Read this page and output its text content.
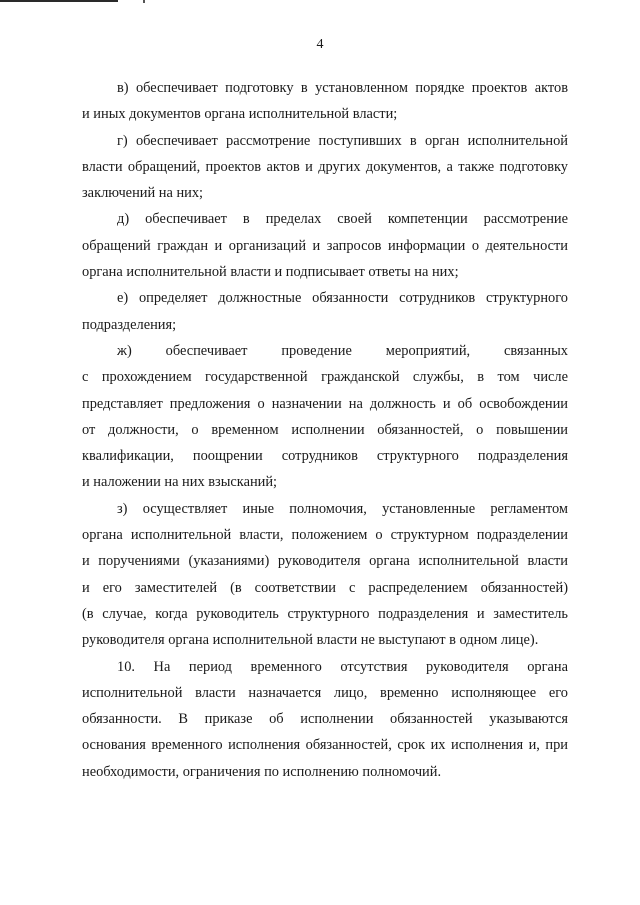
4

в) обеспечивает подготовку в установленном порядке проектов актов
и иных документов органа исполнительной власти;

г) обеспечивает рассмотрение поступивших в орган исполнительной
власти обращений, проектов актов и других документов, а также подготовку
заключений на них;

д) обеспечивает в пределах своей компетенции рассмотрение
обращений граждан и организаций и запросов информации о деятельности
органа исполнительной власти и подписывает ответы на них;

е) определяет должностные обязанности сотрудников структурного
подразделения;

ж) обеспечивает проведение мероприятий, связанных
с прохождением государственной гражданской службы, в том числе
представляет предложения о назначении на должность и об освобождении
от должности, о временном исполнении обязанностей, о повышении
квалификации, поощрении сотрудников структурного подразделения
и наложении на них взысканий;

з) осуществляет иные полномочия, установленные регламентом
органа исполнительной власти, положением о структурном подразделении
и поручениями (указаниями) руководителя органа исполнительной власти
и его заместителей (в соответствии с распределением обязанностей)
(в случае, когда руководитель структурного подразделения и заместитель
руководителя органа исполнительной власти не выступают в одном лице).

10. На период временного отсутствия руководителя органа
исполнительной власти назначается лицо, временно исполняющее его
обязанности. В приказе об исполнении обязанностей указываются
основания временного исполнения обязанностей, срок их исполнения и, при
необходимости, ограничения по исполнению полномочий.
